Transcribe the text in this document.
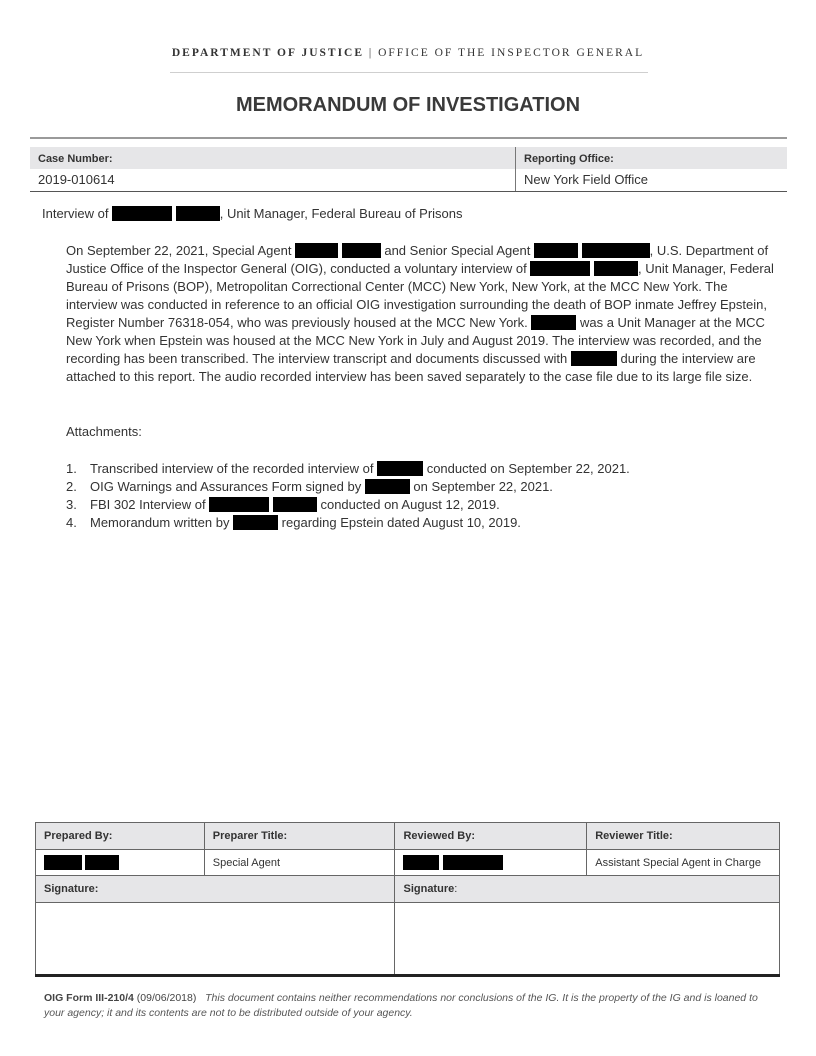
DEPARTMENT OF JUSTICE | OFFICE OF THE INSPECTOR GENERAL
MEMORANDUM OF INVESTIGATION
Case Number:	Reporting Office:
2019-010614	New York Field Office
Interview of	, Unit Manager, Federal Bureau of Prisons
On September 22, 2021, Special Agent	and Senior Special Agent	, U.S. Department of Justice Office of the Inspector General (OIG), conducted a voluntary interview of	, Unit Manager, Federal Bureau of Prisons (BOP), Metropolitan Correctional Center (MCC) New York, New York, at the MCC New York. The interview was conducted in reference to an official OIG investigation surrounding the death of BOP inmate Jeffrey Epstein, Register Number 76318-054, who was previously housed at the MCC New York.	was a Unit Manager at the MCC New York when Epstein was housed at the MCC New York in July and August 2019. The interview was recorded, and the recording has been transcribed. The interview transcript and documents discussed with	during the interview are attached to this report. The audio recorded interview has been saved separately to the case file due to its large file size.
Attachments:
1. Transcribed interview of the recorded interview of	conducted on September 22, 2021.
2. OIG Warnings and Assurances Form signed by	on September 22, 2021.
3. FBI 302 Interview of	conducted on August 12, 2019.
4. Memorandum written by	regarding Epstein dated August 10, 2019.
Prepared By:	Preparer Title:	Reviewed By:	Reviewer Title:
	Special Agent		Assistant Special Agent in Charge
Signature:		Signature:	

OIG Form III-210/4 (09/06/2018) This document contains neither recommendations nor conclusions of the IG. It is the property of the IG and is loaned to your agency; it and its contents are not to be distributed outside of your agency.
